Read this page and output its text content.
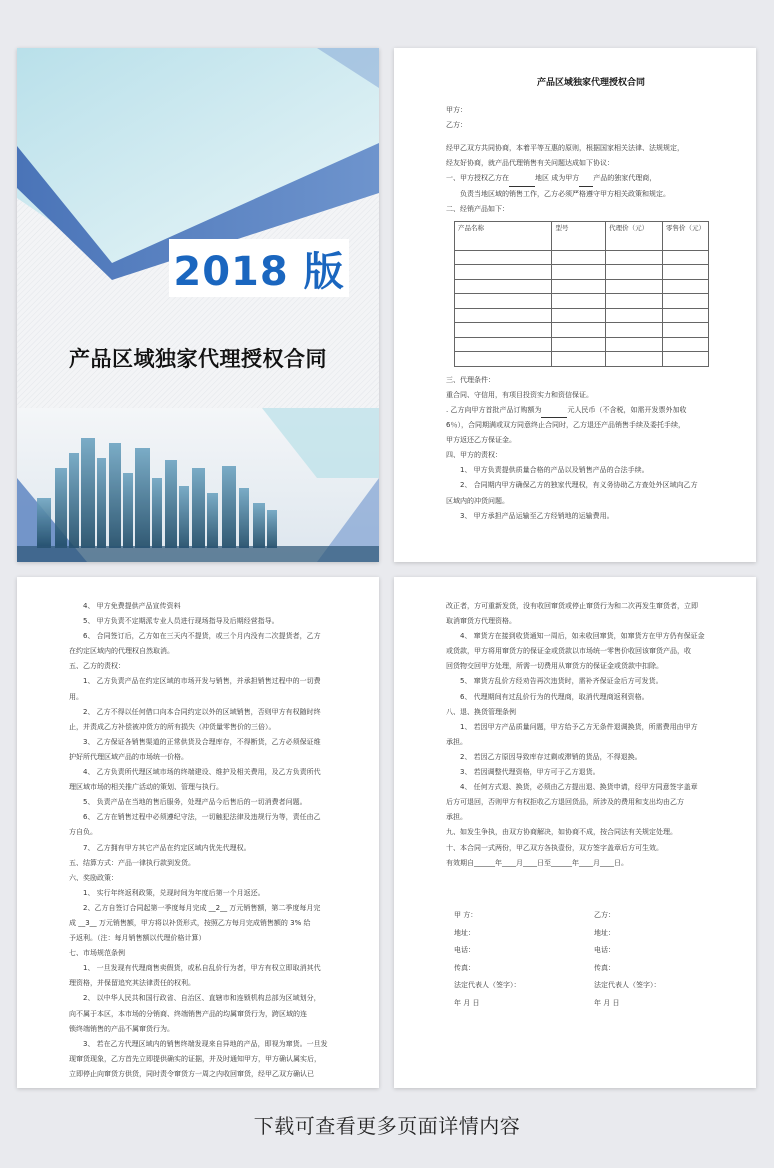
2018 版
产品区域独家代理授权合同

产品区域独家代理授权合同

甲方：

乙方：

经甲乙双方共同协商，本着平等互惠的原则，根据国家相关法律、法规规定，

经友好协商，就产品代理销售有关问题达成如下协议：

一、甲方授权乙方在	地区 成为甲方 产品的独家代理商，

负责当地区域的销售工作，乙方必须严格遵守甲方相关政策和规定。

二、经销产品如下：

产品名称	型号	代理价（元）	零售价（元）

三、代理条件：

重合同、守信用，有项目投资实力和资信保证。

. 乙方向甲方首批产品订购额为	元人民币（不含税，如需开发票外加收

6％），合同期满或双方同意终止合同时，乙方退还产品销售手续及委托手续，

甲方返还乙方保证金。

四、甲方的责权：

1、 甲方负责提供质量合格的产品以及销售产品的合法手续。

2、 合同期内甲方确保乙方的独家代理权，有义务协助乙方查处外区域向乙方

区域内的冲货问题。

3、 甲方承担产品运输至乙方经销地的运输费用。

4、 甲方免费提供产品宣传资料
5、 甲方负责不定期派专业人员进行现场指导及后期经营指导。
6、 合同签订后，乙方如在三天内不提货，或三个月内没有二次提货者，乙方
在约定区域内的代理权自然取消。
五、乙方的责权：
1、 乙方负责产品在约定区域的市场开发与销售，并承担销售过程中的一切费
用。
2、 乙方不得以任何借口向本合同约定以外的区域销售，否则甲方有权随时终
止，并责成乙方补偿被冲货方的所有损失（冲货量零售价的三倍）。
3、 乙方保证各销售渠道的正常供货及合理库存，不得断货，乙方必须保证维
护好所代理区域产品的市场统一价格。
4、 乙方负责所代理区域市场的终端建设、维护及相关费用，及乙方负责所代
理区域市场的相关推广活动的策划、管理与执行。
5、 负责产品在当地的售后服务，处理产品今后售后的一切消费者问题。
6、 乙方在销售过程中必须遵纪守法，一切触犯法律及违规行为等，责任由乙
方自负。
7、 乙方拥有甲方其它产品在约定区域内优先代理权。
五、结算方式：产品一律执行款到发货。
六、奖励政策：
1、 实行年终返利政策，兑现时间为年度后第一个月返还。
2、乙方自签订合同起第一季度每月完成 __2__ 万元销售额，第二季度每月完
成 __3__ 万元销售额，甲方将以补货形式，按照乙方每月完成销售额的 3% 给
予返利。（注：每月销售额以代理价格计算）
七、市场规范条例
1、 一旦发现有代理商售卖假货，或私自乱价行为者，甲方有权立即取消其代
理资格，并保留追究其法律责任的权利。
2、 以中华人民共和国行政省、自治区、直辖市和连锁机构总部为区域划分，
向不属于本区，本市场的分销商、终端销售产品的均属窜货行为，跨区域的连
锁终端销售的产品不属窜货行为。
3、 若在乙方代理区域内的销售终端发现来自异地的产品，即视为窜货。一旦发
现窜货现象，乙方首先立即提供确实的证据，并及时通知甲方，甲方确认属实后，
立即停止向窜货方供货，同时责令窜货方一周之内收回窜货，经甲乙双方确认已
改正者，方可重新发货，没有收回窜货或停止窜货行为和二次再发生窜货者，立即
取消窜货方代理资格。
4、 窜货方在接到收货通知一周后，如未收回窜货，如窜货方在甲方仍有保证金
或货款，甲方将用窜货方的保证金或货款以市场统一零售价收回该窜货产品，收
回货物交回甲方处理，所需一切费用从窜货方的保证金或货款中扣除。
5、 窜货方乱价方经劝告再次违货时，需补齐保证金后方可发货。
6、 代理期间有过乱价行为的代理商，取消代理商返利资格。
八、退、换货管理条例
1、 若因甲方产品质量问题，甲方给予乙方无条件退调换货，所需费用由甲方
承担。
2、 若因乙方原因导致库存过剩或滞销的货品，不得退换。
3、 若因调整代理资格，甲方可于乙方退货。
4、 任何方式退、换货，必须由乙方提出退、换货申请，经甲方同意签字盖章
后方可退回，否则甲方有权拒收乙方退回货品，所涉及的费用和支出均由乙方
承担。
九、如发生争执，由双方协商解决，如协商不成，按合同法有关规定处理。
十、本合同一式两份，甲乙双方各执壹份，双方签字盖章后方可生效。
有效期自______年____月____日至______年____月____日。
甲 方：
地址：
电话：
传真：
法定代表人（签字）：
年 月 日
乙方：
地址：
电话：
传真：
法定代表人（签字）：
年 月 日
下载可查看更多页面详情内容
